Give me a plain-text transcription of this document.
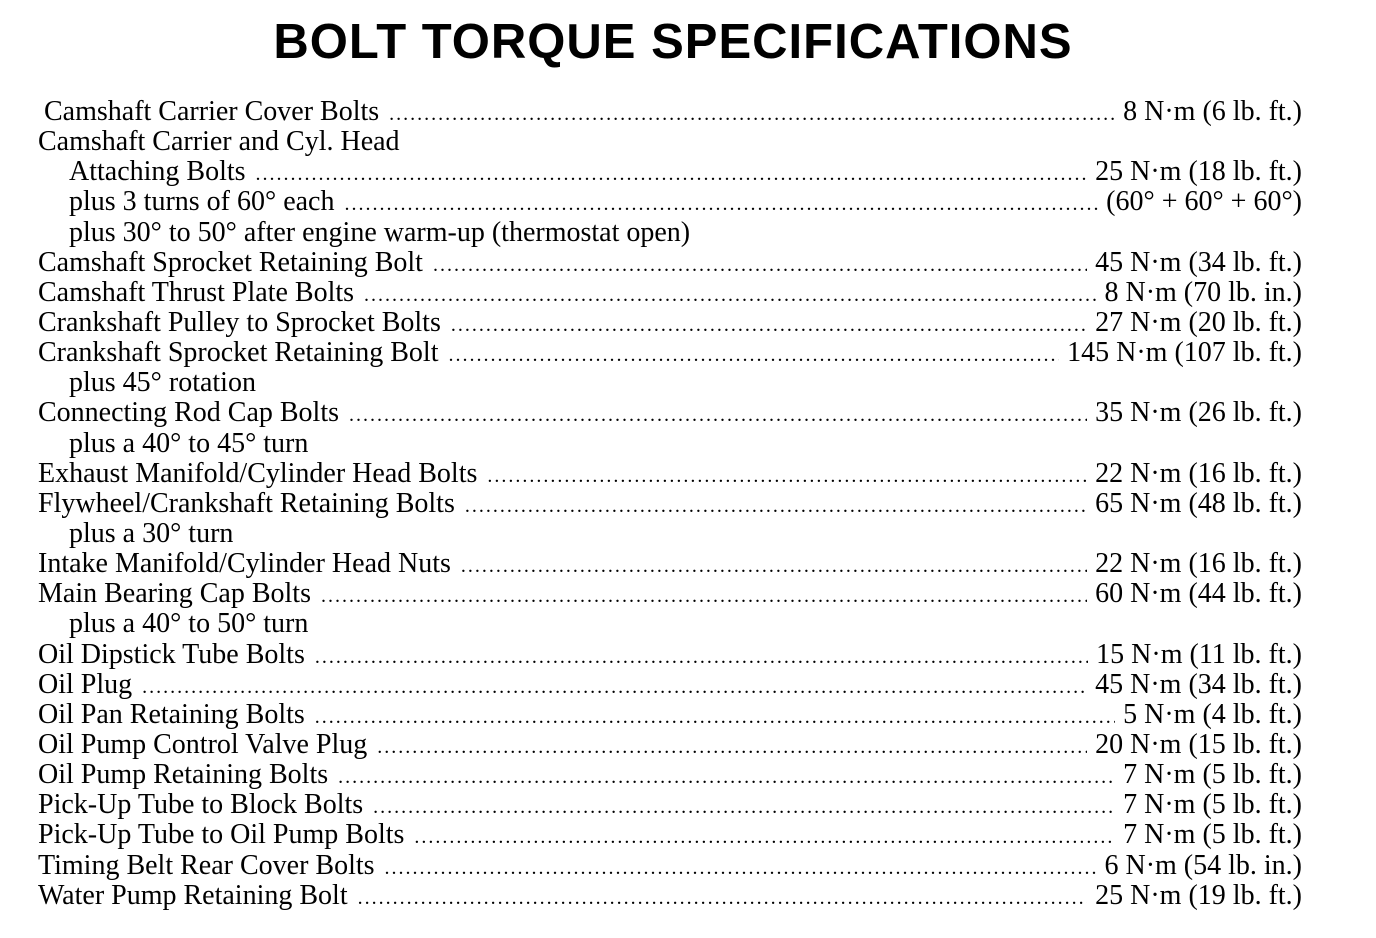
BOLT TORQUE SPECIFICATIONS
Camshaft Carrier Cover Bolts .....	8 N·m (6 lb. ft.)
Camshaft Carrier and Cyl. Head
Attaching Bolts .....	25 N·m (18 lb. ft.)
plus 3 turns of 60° each .....	(60° + 60° + 60°)
plus 30° to 50° after engine warm-up (thermostat open)
Camshaft Sprocket Retaining Bolt .....	45 N·m (34 lb. ft.)
Camshaft Thrust Plate Bolts .....	8 N·m (70 lb. in.)
Crankshaft Pulley to Sprocket Bolts .....	27 N·m (20 lb. ft.)
Crankshaft Sprocket Retaining Bolt .....	145 N·m (107 lb. ft.)
plus 45° rotation
Connecting Rod Cap Bolts .....	35 N·m (26 lb. ft.)
plus a 40° to 45° turn
Exhaust Manifold/Cylinder Head Bolts .....	22 N·m (16 lb. ft.)
Flywheel/Crankshaft Retaining Bolts .....	65 N·m (48 lb. ft.)
plus a 30° turn
Intake Manifold/Cylinder Head Nuts .....	22 N·m (16 lb. ft.)
Main Bearing Cap Bolts .....	60 N·m (44 lb. ft.)
plus a 40° to 50° turn
Oil Dipstick Tube Bolts .....	15 N·m (11 lb. ft.)
Oil Plug .....	45 N·m (34 lb. ft.)
Oil Pan Retaining Bolts .....	5 N·m (4 lb. ft.)
Oil Pump Control Valve Plug .....	20 N·m (15 lb. ft.)
Oil Pump Retaining Bolts .....	7 N·m (5 lb. ft.)
Pick-Up Tube to Block Bolts .....	7 N·m (5 lb. ft.)
Pick-Up Tube to Oil Pump Bolts .....	7 N·m (5 lb. ft.)
Timing Belt Rear Cover Bolts .....	6 N·m (54 lb. in.)
Water Pump Retaining Bolt .....	25 N·m (19 lb. ft.)
